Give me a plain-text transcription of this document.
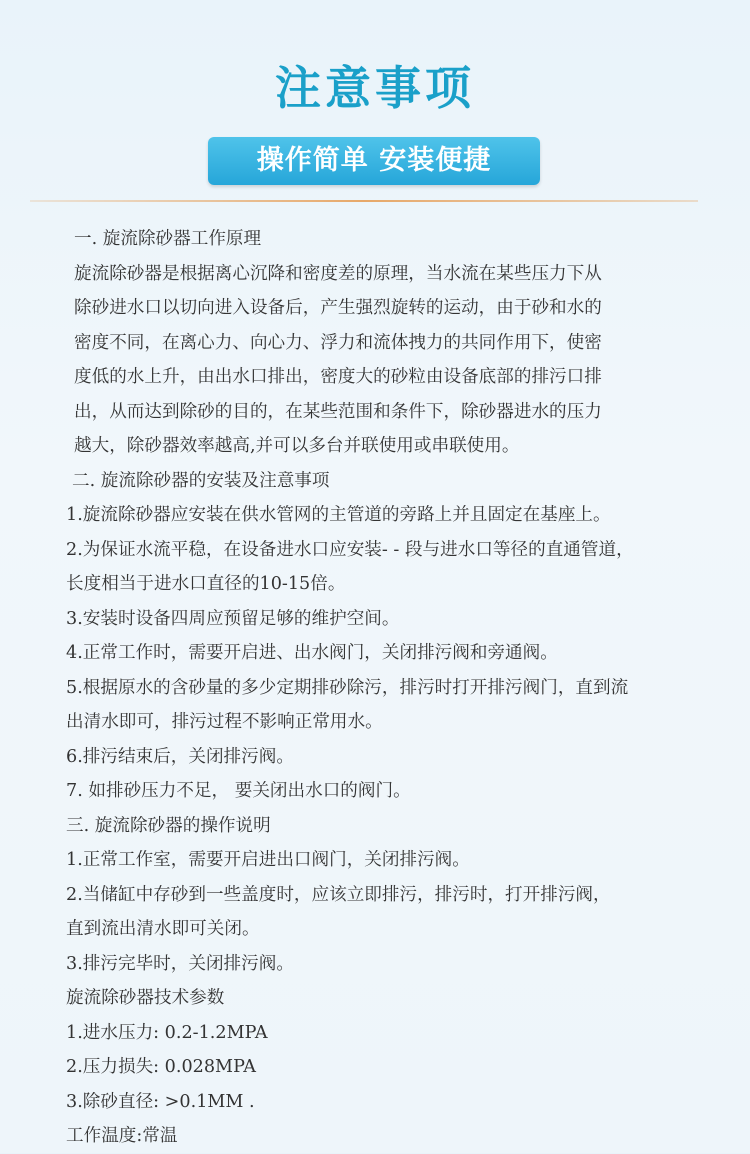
注意事项
操作简单 安装便捷
一. 旋流除砂器工作原理
旋流除砂器是根据离心沉降和密度差的原理，当水流在某些压力下从
除砂进水口以切向进入设备后，产生强烈旋转的运动，由于砂和水的
密度不同，在离心力、向心力、浮力和流体拽力的共同作用下，使密
度低的水上升，由出水口排出，密度大的砂粒由设备底部的排污口排
出，从而达到除砂的目的，在某些范围和条件下，除砂器进水的压力
越大，除砂器效率越高,并可以多台并联使用或串联使用。
二. 旋流除砂器的安装及注意事项
1.旋流除砂器应安装在供水管网的主管道的旁路上并且固定在基座上。
2.为保证水流平稳，在设备进水口应安装- - 段与进水口等径的直通管道，
长度相当于进水口直径的10-15倍。
3.安装时设备四周应预留足够的维护空间。
4.正常工作时，需要开启进、出水阀门，关闭排污阀和旁通阀。
5.根据原水的含砂量的多少定期排砂除污，排污时打开排污阀门，直到流
出清水即可，排污过程不影响正常用水。
6.排污结束后，关闭排污阀。
7. 如排砂压力不足， 要关闭出水口的阀门。
三. 旋流除砂器的操作说明
1.正常工作室，需要开启进出口阀门，关闭排污阀。
2.当储缸中存砂到一些盖度时，应该立即排污，排污时，打开排污阀，
直到流出清水即可关闭。
3.排污完毕时，关闭排污阀。
旋流除砂器技术参数
1.进水压力: 0.2-1.2MPA
2.压力损失: 0.028MPA
3.除砂直径: >0.1MM .
工作温度:常温
